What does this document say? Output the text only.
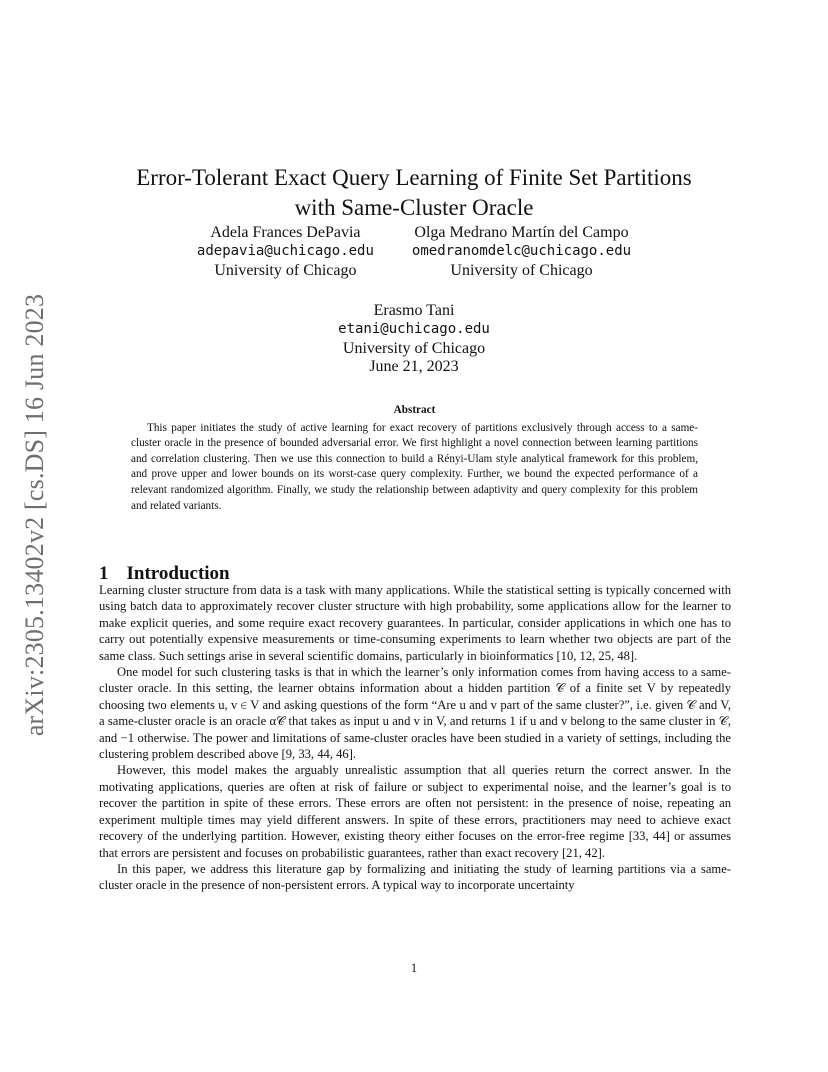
arXiv:2305.13402v2 [cs.DS] 16 Jun 2023
Error-Tolerant Exact Query Learning of Finite Set Partitions
with Same-Cluster Oracle
Adela Frances DePavia
adepavia@uchicago.edu
University of Chicago
Olga Medrano Martín del Campo
omedranomdelc@uchicago.edu
University of Chicago
Erasmo Tani
etani@uchicago.edu
University of Chicago
June 21, 2023
Abstract

This paper initiates the study of active learning for exact recovery of partitions exclusively through access to a same-cluster oracle in the presence of bounded adversarial error. We first highlight a novel connection between learning partitions and correlation clustering. Then we use this connection to build a Rényi-Ulam style analytical framework for this problem, and prove upper and lower bounds on its worst-case query complexity. Further, we bound the expected performance of a relevant randomized algorithm. Finally, we study the relationship between adaptivity and query complexity for this problem and related variants.

1 Introduction

Learning cluster structure from data is a task with many applications. While the statistical setting is typically concerned with using batch data to approximately recover cluster structure with high probability, some applications allow for the learner to make explicit queries, and some require exact recovery guarantees. In particular, consider applications in which one has to carry out potentially expensive measurements or time-consuming experiments to learn whether two objects are part of the same class. Such settings arise in several scientific domains, particularly in bioinformatics [10, 12, 25, 48].

One model for such clustering tasks is that in which the learner’s only information comes from having access to a same-cluster oracle. In this setting, the learner obtains information about a hidden partition 𝒞 of a finite set V by repeatedly choosing two elements u, v ∈ V and asking questions of the form “Are u and v part of the same cluster?”, i.e. given 𝒞 and V, a same-cluster oracle is an oracle α𝒞 that takes as input u and v in V, and returns 1 if u and v belong to the same cluster in 𝒞, and −1 otherwise. The power and limitations of same-cluster oracles have been studied in a variety of settings, including the clustering problem described above [9, 33, 44, 46].

However, this model makes the arguably unrealistic assumption that all queries return the correct answer. In the motivating applications, queries are often at risk of failure or subject to experimental noise, and the learner’s goal is to recover the partition in spite of these errors. These errors are often not persistent: in the presence of noise, repeating an experiment multiple times may yield different answers. In spite of these errors, practitioners may need to achieve exact recovery of the underlying partition. However, existing theory either focuses on the error-free regime [33, 44] or assumes that errors are persistent and focuses on probabilistic guarantees, rather than exact recovery [21, 42].

In this paper, we address this literature gap by formalizing and initiating the study of learning partitions via a same-cluster oracle in the presence of non-persistent errors. A typical way to incorporate uncertainty

1
